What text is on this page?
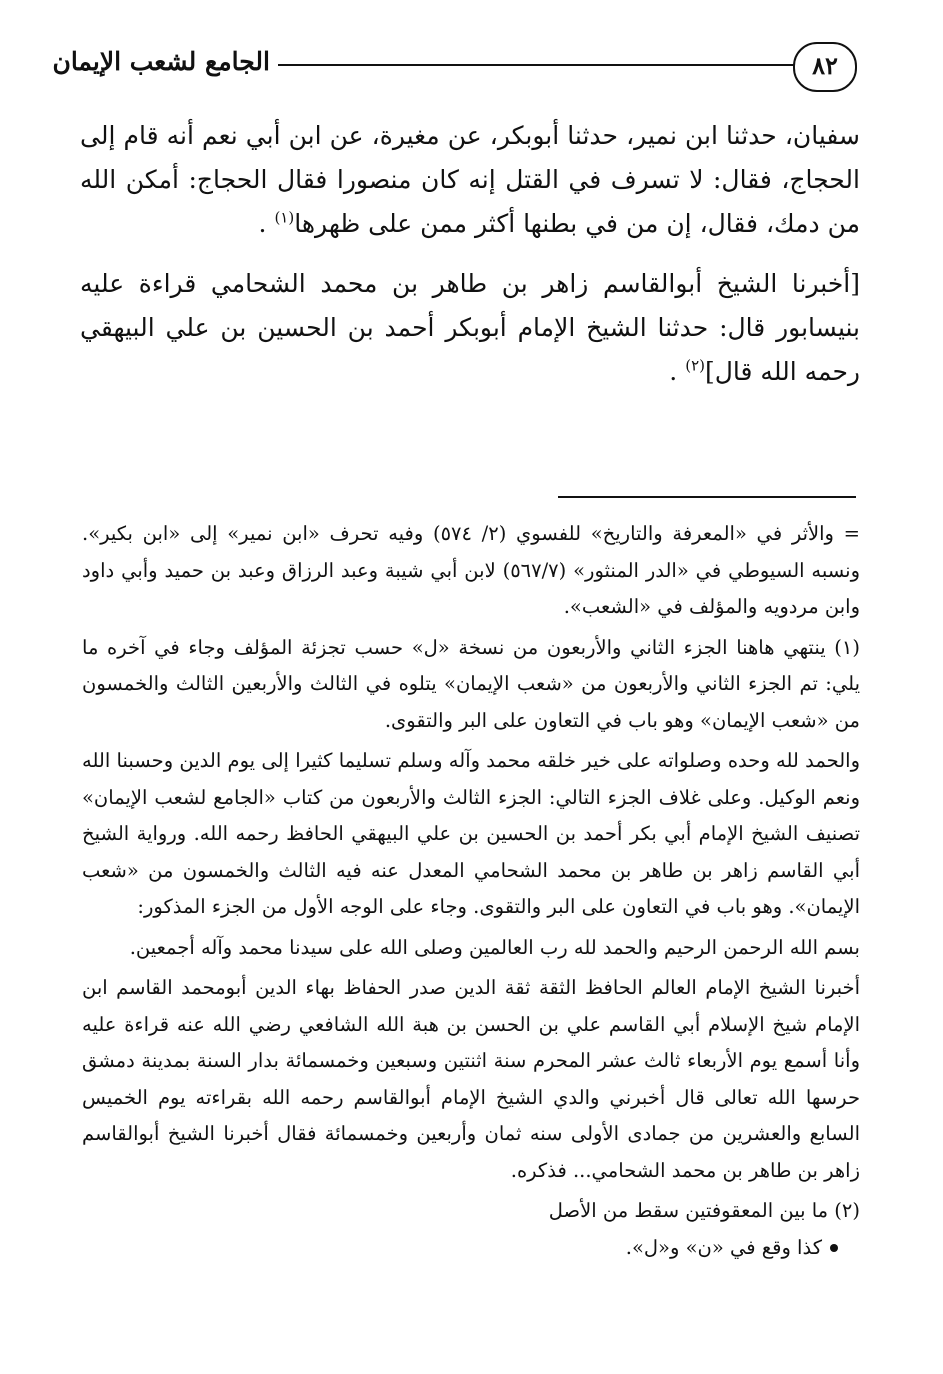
٨٢
الجامع لشعب الإيمان

سفيان، حدثنا ابن نمير، حدثنا أبوبكر، عن مغيرة، عن ابن أبي نعم أنه قام إلى الحجاج، فقال: لا تسرف في القتل إنه كان منصورا فقال الحجاج: أمكن الله من دمك، فقال، إن من في بطنها أكثر ممن على ظهرها$^{(١)}$ .

[أخبرنا الشيخ أبوالقاسم زاهر بن طاهر بن محمد الشحامي قراءة عليه بنيسابور قال: حدثنا الشيخ الإمام أبوبكر أحمد بن الحسين بن علي البيهقي رحمه الله قال]$^{(٢)}$ .

= والأثر في «المعرفة والتاريخ» للفسوي (٢/ ٥٧٤) وفيه تحرف «ابن نمير» إلى «ابن بكير». ونسبه السيوطي في «الدر المنثور» (٥٦٧/٧) لابن أبي شيبة وعبد الرزاق وعبد بن حميد وأبي داود وابن مردويه والمؤلف في «الشعب».

(١) ينتهي هاهنا الجزء الثاني والأربعون من نسخة «ل» حسب تجزئة المؤلف وجاء في آخره ما يلي: تم الجزء الثاني والأربعون من «شعب الإيمان» يتلوه في الثالث والأربعين الثالث والخمسون من «شعب الإيمان» وهو باب في التعاون على البر والتقوى.

والحمد لله وحده وصلواته على خير خلقه محمد وآله وسلم تسليما كثيرا إلى يوم الدين وحسبنا الله ونعم الوكيل. وعلى غلاف الجزء التالي: الجزء الثالث والأربعون من كتاب «الجامع لشعب الإيمان» تصنيف الشيخ الإمام أبي بكر أحمد بن الحسين بن علي البيهقي الحافظ رحمه الله. ورواية الشيخ أبي القاسم زاهر بن طاهر بن محمد الشحامي المعدل عنه فيه الثالث والخمسون من «شعب الإيمان». وهو باب في التعاون على البر والتقوى. وجاء على الوجه الأول من الجزء المذكور:

بسم الله الرحمن الرحيم والحمد لله رب العالمين وصلى الله على سيدنا محمد وآله أجمعين.

أخبرنا الشيخ الإمام العالم الحافظ الثقة ثقة الدين صدر الحفاظ بهاء الدين أبومحمد القاسم ابن الإمام شيخ الإسلام أبي القاسم علي بن الحسن بن هبة الله الشافعي رضي الله عنه قراءة عليه وأنا أسمع يوم الأربعاء ثالث عشر المحرم سنة اثنتين وسبعين وخمسمائة بدار السنة بمدينة دمشق حرسها الله تعالى قال أخبرني والدي الشيخ الإمام أبوالقاسم رحمه الله بقراءته يوم الخميس السابع والعشرين من جمادى الأولى سنه ثمان وأربعين وخمسمائة فقال أخبرنا الشيخ أبوالقاسم زاهر بن طاهر بن محمد الشحامي... فذكره.

(٢) ما بين المعقوفتين سقط من الأصل

كذا وقع في «ن» و«ل».
